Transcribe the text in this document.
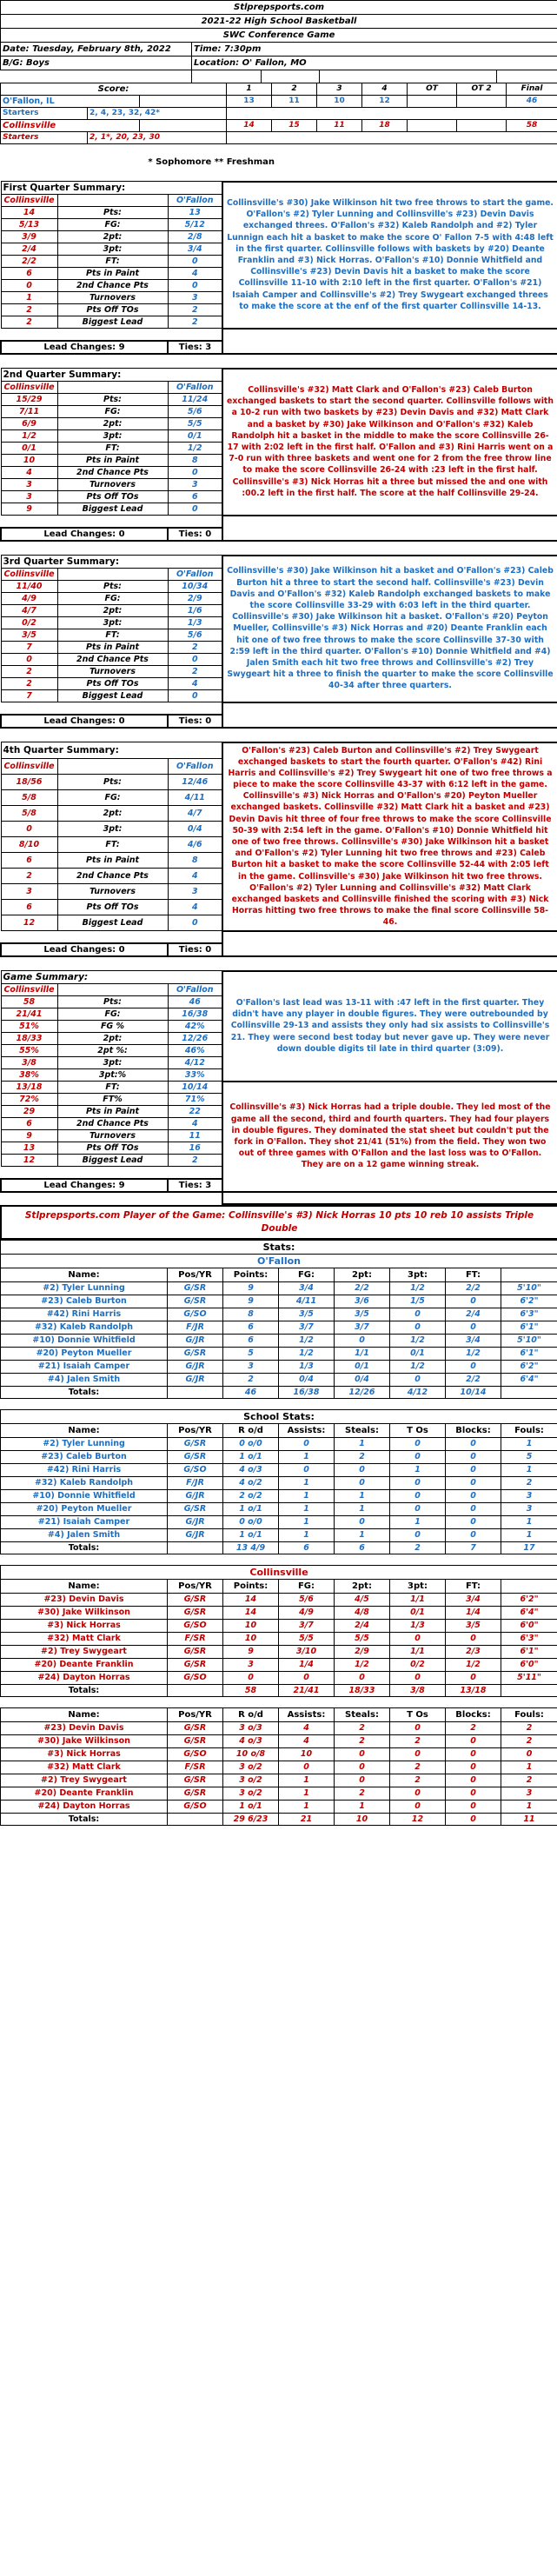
Stlprepsports.com				
2021-22 High School Basketball				
SWC Conference Game				
Date: Tuesday, February 8th, 2022	Time: 7:30pm			
B/G: Boys	Location: O' Fallon, MO			

Score:			1	2	3	4	OT	OT 2	Final
O'Fallon, IL			13	11	10	12			46
Starters	2, 4, 23, 32, 42*								
Collinsville			14	15	11	18			58
Starters	2, 1*, 20, 23, 30								

* Sophomore ** Freshman	

First Quarter Summary:			Collinsville's #30) Jake Wilkinson hit two free throws to start the game. O'Fallon's #2) Tyler Lunning and Collinsville's #23) Devin Davis exchanged threes. O'Fallon's #32) Kaleb Randolph and #2) Tyler Lunnign each hit a basket to make the score O' Fallon 7-5 with 4:48 left in the first quarter. Collinsville follows with baskets by #20) Deante Franklin and #3) Nick Horras. O'Fallon's #10) Donnie Whitfield and Collinsville's #23) Devin Davis hit a basket to make the score Collinsville 11-10 with 2:10 left in the first quarter. O'Fallon's #21) Isaiah Camper and Collinsville's #2) Trey Swygeart exchanged threes to make the score at the enf of the first quarter Collinsville 14-13.
Collinsville		O'Fallon	
14	Pts:	13	
5/13	FG:	5/12	
3/9	2pt:	2/8	
2/4	3pt:	3/4	
2/2	FT:	0	
6	Pts in Paint	4	
0	2nd Chance Pts	0	
1	Turnovers	3	
2	Pts Off TOs	2	
2	Biggest Lead	2	

Lead Changes: 9		Ties: 3	

2nd Quarter Summary:			Collinsville's #32) Matt Clark and O'Fallon's #23) Caleb Burton exchanged baskets to start the second quarter. Collinsville follows with a 10-2 run with two baskets by #23) Devin Davis and #32) Matt Clark and a basket by #30) Jake Wilkinson and O'Fallon's #32) Kaleb Randolph hit a basket in the middle to make the score Collinsville 26-17 with 2:02 left in the first half. O'Fallon and #3) Rini Harris went on a 7-0 run with three baskets and went one for 2 from the free throw line to make the score Collinsville 26-24 with :23 left in the first half. Collinsville's #3) Nick Horras hit a three but missed the and one with :00.2 left in the first half. The score at the half Collinsville 29-24.
Collinsville		O'Fallon	
15/29	Pts:	11/24	
7/11	FG:	5/6	
6/9	2pt:	5/5	
1/2	3pt:	0/1	
0/1	FT:	1/2	
10	Pts in Paint	8	
4	2nd Chance Pts	0	
3	Turnovers	3	
3	Pts Off TOs	6	
9	Biggest Lead	0	

Lead Changes: 0		Ties: 0	

3rd Quarter Summary:			Collinsville's #30) Jake Wilkinson hit a basket and O'Fallon's #23) Caleb Burton hit a three to start the second half. Collinsville's #23) Devin Davis and O'Fallon's #32) Kaleb Randolph exchanged baskets to make the score Collinsville 33-29 with 6:03 left in the third quarter. Collinsville's #30) Jake Wilkinson hit a basket. O'Fallon's #20) Peyton Mueller, Collinsville's #3) Nick Horras and #20) Deante Franklin each hit one of two free throws to make the score Collinsville 37-30 with 2:59 left in the third quarter. O'Fallon's #10) Donnie Whitfield and #4) Jalen Smith each hit two free throws and Collinsville's #2) Trey Swygeart hit a three to finish the quarter to make the score Collinsville 40-34 after three quarters.
Collinsville		O'Fallon	
11/40	Pts:	10/34	
4/9	FG:	2/9	
4/7	2pt:	1/6	
0/2	3pt:	1/3	
3/5	FT:	5/6	
7	Pts in Paint	2	
0	2nd Chance Pts	0	
2	Turnovers	2	
2	Pts Off TOs	4	
7	Biggest Lead	0	

Lead Changes: 0		Ties: 0	

4th Quarter Summary:			O'Fallon's #23) Caleb Burton and Collinsville's #2) Trey Swygeart exchanged baskets to start the fourth quarter. O'Fallon's #42) Rini Harris and Collinsville's #2) Trey Swygeart hit one of two free throws a piece to make the score Collinsville 43-37 with 6:12 left in the game. Collinsville's #3) Nick Horras and O'Fallon's #20) Peyton Mueller exchanged baskets. Collinsville #32) Matt Clark hit a basket and #23) Devin Davis hit three of four free throws to make the score Collinsville 50-39 with 2:54 left in the game. O'Fallon's #10) Donnie Whitfield hit one of two free throws. Collinsville's #30) Jake Wilkinson hit a basket and O'Fallon's #2) Tyler Lunning hit two free throws and #23) Caleb Burton hit a basket to make the score Collinsville 52-44 with 2:05 left in the game. Collinsville's #30) Jake Wilkinson hit two free throws. O'Fallon's #2) Tyler Lunning and Collinsville's #32) Matt Clark exchanged baskets and Collinsville finished the scoring with #3) Nick Horras hitting two free throws to make the final score Collinsville 58-46.
Collinsville		O'Fallon	
18/56	Pts:	12/46	
5/8	FG:	4/11	
5/8	2pt:	4/7	
0	3pt:	0/4	
8/10	FT:	4/6	
6	Pts in Paint	8	
2	2nd Chance Pts	4	
3	Turnovers	3	
6	Pts Off TOs	4	
12	Biggest Lead	0	

Lead Changes: 0		Ties: 0	

Game Summary:			O'Fallon's last lead was 13-11 with :47 left in the first quarter. They didn't have any player in double figures. They were outrebounded by Collinsville 29-13 and assists they only had six assists to Collinsville's 21. They were second best today but never gave up. They were never down double digits til late in third quarter (3:09).
Collinsville		O'Fallon	
58	Pts:	46	
21/41	FG:	16/38	
51%	FG %	42%	
18/33	2pt:	12/26	
55%	2pt %:	46%	
3/8	3pt:	4/12	
38%	3pt:%	33%	
13/18	FT:	10/14	Collinsville's #3) Nick Horras had a triple double. They led most of the game all the second, third and fourth quarters. They had four players in double figures. They dominated the stat sheet but couldn't put the fork in O'Fallon. They shot 21/41 (51%) from the field. They won two out of three games with O'Fallon and the last loss was to O'Fallon. They are on a 12 game winning streak.
72%	FT%	71%	
29	Pts in Paint	22	
6	2nd Chance Pts	4	
9	Turnovers	11	
13	Pts Off TOs	16	
12	Biggest Lead	2	

Lead Changes: 9		Ties: 3	

Stlprepsports.com Player of the Game: Collinsville's #3) Nick Horras 10 pts 10 reb 10 assists Triple Double
Stats:							
O'Fallon							
Name:	Pos/YR	Points:	FG:	2pt:	3pt:	FT:	
#2) Tyler Lunning	G/SR	9	3/4	2/2	1/2	2/2	5'10"
#23) Caleb Burton	G/SR	9	4/11	3/6	1/5	0	6'2"
#42) Rini Harris	G/SO	8	3/5	3/5	0	2/4	6'3"
#32) Kaleb Randolph	F/JR	6	3/7	3/7	0	0	6'1"
#10) Donnie Whitfield	G/JR	6	1/2	0	1/2	3/4	5'10"
#20) Peyton Mueller	G/SR	5	1/2	1/1	0/1	1/2	6'1"
#21) Isaiah Camper	G/JR	3	1/3	0/1	1/2	0	6'2"
#4) Jalen Smith	G/JR	2	0/4	0/4	0	2/2	6'4"
Totals:		46	16/38	12/26	4/12	10/14	

School Stats:							
Name:	Pos/YR	R o/d	Assists:	Steals:	T Os	Blocks:	Fouls:
#2) Tyler Lunning	G/SR	0 o/0	0	1	0	0	1
#23) Caleb Burton	G/SR	1 o/1	1	2	0	0	5
#42) Rini Harris	G/SO	4 o/3	0	0	1	0	1
#32) Kaleb Randolph	F/JR	4 o/2	1	0	0	0	2
#10) Donnie Whitfield	G/JR	2 o/2	1	1	0	0	3
#20) Peyton Mueller	G/SR	1 o/1	1	1	0	0	3
#21) Isaiah Camper	G/JR	0 o/0	1	0	1	0	1
#4) Jalen Smith	G/JR	1 o/1	1	1	0	0	1
Totals:		13 4/9	6	6	2	7	17

Collinsville							
Name:	Pos/YR	Points:	FG:	2pt:	3pt:	FT:	
#23) Devin Davis	G/SR	14	5/6	4/5	1/1	3/4	6'2"
#30) Jake Wilkinson	G/SR	14	4/9	4/8	0/1	1/4	6'4"
#3) Nick Horras	G/SO	10	3/7	2/4	1/3	3/5	6'0"
#32) Matt Clark	F/SR	10	5/5	5/5	0	0	6'3"
#2) Trey Swygeart	G/SR	9	3/10	2/9	1/1	2/3	6'1"
#20) Deante Franklin	G/SR	3	1/4	1/2	0/2	1/2	6'0"
#24) Dayton Horras	G/SO	0	0	0	0	0	5'11"
Totals:		58	21/41	18/33	3/8	13/18	

Name:	Pos/YR	R o/d	Assists:	Steals:	T Os	Blocks:	Fouls:
#23) Devin Davis	G/SR	3 o/3	4	2	0	2	2
#30) Jake Wilkinson	G/SR	4 o/3	4	2	2	0	2
#3) Nick Horras	G/SO	10 o/8	10	0	0	0	0
#32) Matt Clark	F/SR	3 o/2	0	0	2	0	1
#2) Trey Swygeart	G/SR	3 o/2	1	0	2	0	2
#20) Deante Franklin	G/SR	3 o/2	1	2	0	0	3
#24) Dayton Horras	G/SO	1 o/1	1	1	0	0	1
Totals:		29 6/23	21	10	12	0	11
